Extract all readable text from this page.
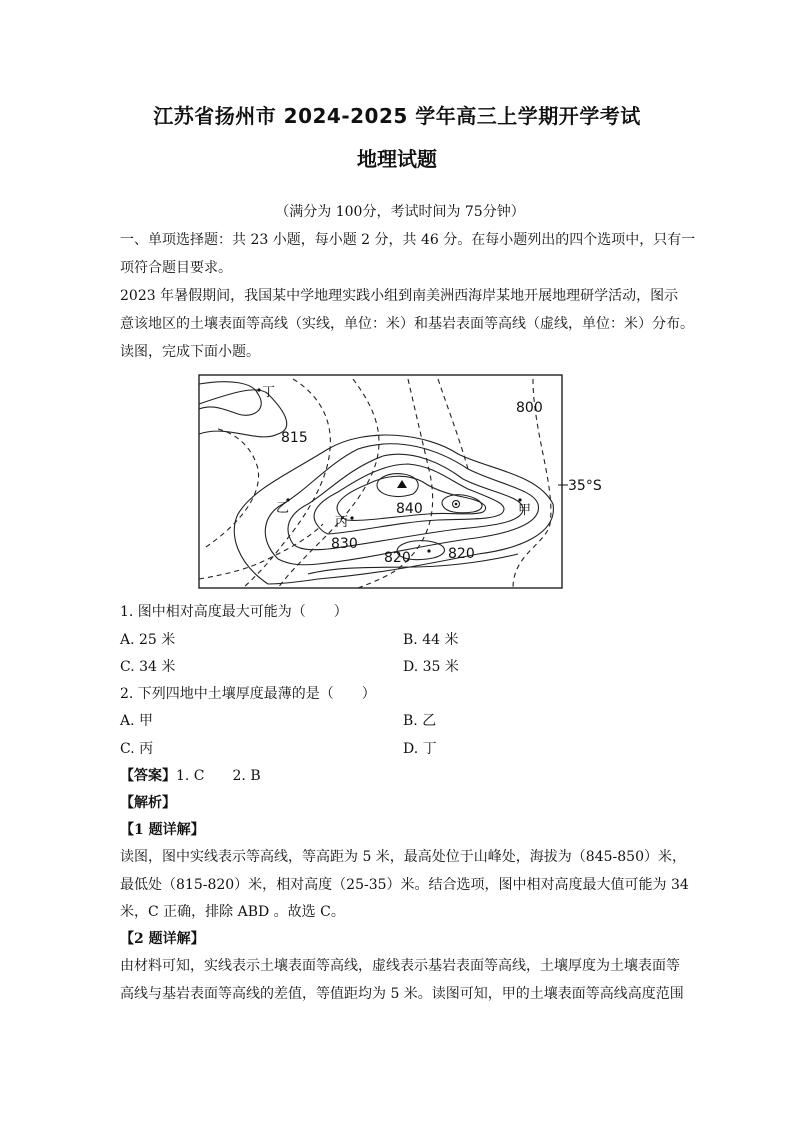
江苏省扬州市 2024-2025 学年高三上学期开学考试
地理试题
（满分为 100分，考试时间为 75分钟）
一、单项选择题：共 23 小题，每小题 2 分，共 46 分。在每小题列出的四个选项中，只有一
项符合题目要求。
2023 年暑假期间，我国某中学地理实践小组到南美洲西海岸某地开展地理研学活动，图示
意该地区的土壤表面等高线（实线，单位：米）和基岩表面等高线（虚线，单位：米）分布。
读图，完成下面小题。
丁
800
815
35°S
乙	840	甲
丙
830
820	820
1. 图中相对高度最大可能为（　　）
A. 25 米	B. 44 米
C. 34 米	D. 35 米
2. 下列四地中土壤厚度最薄的是（　　）
A. 甲	B. 乙
C. 丙	D. 丁
【答案】1. C　　2. B
【解析】
【1 题详解】
读图，图中实线表示等高线，等高距为 5 米，最高处位于山峰处，海拔为（845-850）米，
最低处（815-820）米，相对高度（25-35）米。结合选项，图中相对高度最大值可能为 34
米，C 正确，排除 ABD 。故选 C。
【2 题详解】
由材料可知，实线表示土壤表面等高线，虚线表示基岩表面等高线，土壤厚度为土壤表面等
高线与基岩表面等高线的差值，等值距均为 5 米。读图可知，甲的土壤表面等高线高度范围
